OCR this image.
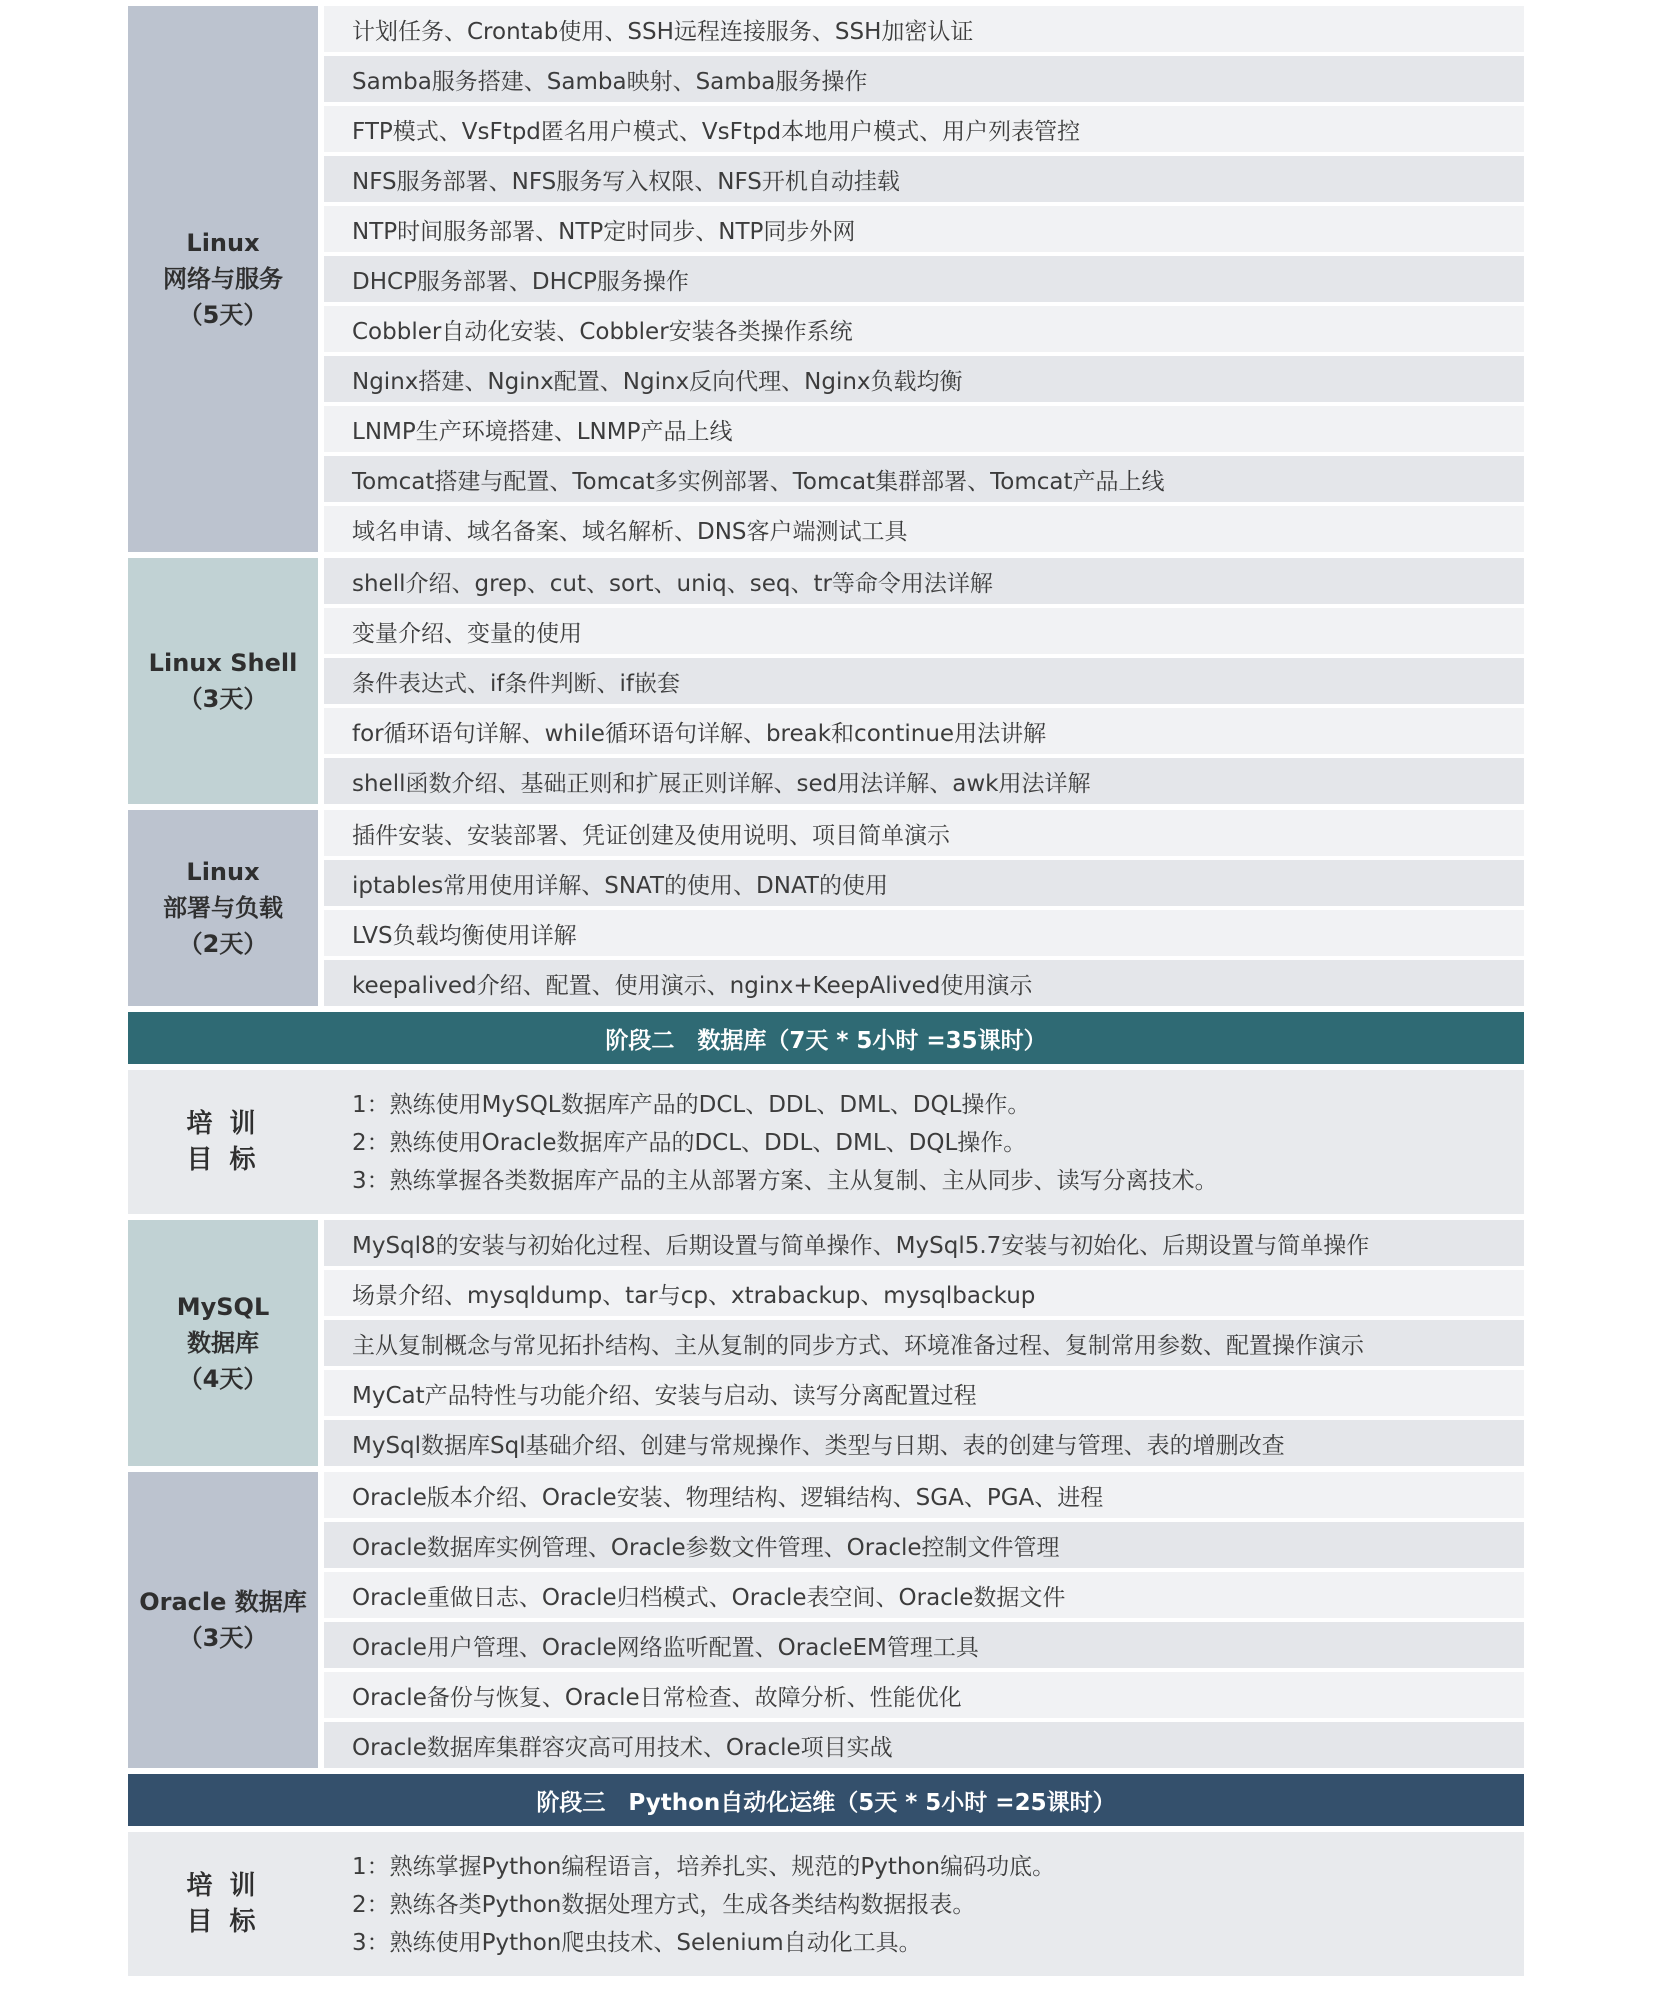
Linux
网络与服务
（5天）
计划任务、Crontab使用、SSH远程连接服务、SSH加密认证
Samba服务搭建、Samba映射、Samba服务操作
FTP模式、VsFtpd匿名用户模式、VsFtpd本地用户模式、用户列表管控
NFS服务部署、NFS服务写入权限、NFS开机自动挂载
NTP时间服务部署、NTP定时同步、NTP同步外网
DHCP服务部署、DHCP服务操作
Cobbler自动化安装、Cobbler安装各类操作系统
Nginx搭建、Nginx配置、Nginx反向代理、Nginx负载均衡
LNMP生产环境搭建、LNMP产品上线
Tomcat搭建与配置、Tomcat多实例部署、Tomcat集群部署、Tomcat产品上线
域名申请、域名备案、域名解析、DNS客户端测试工具
Linux Shell
（3天）
shell介绍、grep、cut、sort、uniq、seq、tr等命令用法详解
变量介绍、变量的使用
条件表达式、if条件判断、if嵌套
for循环语句详解、while循环语句详解、break和continue用法讲解
shell函数介绍、基础正则和扩展正则详解、sed用法详解、awk用法详解
Linux
部署与负载
（2天）
插件安装、安装部署、凭证创建及使用说明、项目简单演示
iptables常用使用详解、SNAT的使用、DNAT的使用
LVS负载均衡使用详解
keepalived介绍、配置、使用演示、nginx+KeepAlived使用演示
阶段二　数据库（7天 * 5小时 =35课时）
培 训
目 标
1：熟练使用MySQL数据库产品的DCL、DDL、DML、DQL操作。
2：熟练使用Oracle数据库产品的DCL、DDL、DML、DQL操作。
3：熟练掌握各类数据库产品的主从部署方案、主从复制、主从同步、读写分离技术。
MySQL
数据库
（4天）
MySql8的安装与初始化过程、后期设置与简单操作、MySql5.7安装与初始化、后期设置与简单操作
场景介绍、mysqldump、tar与cp、xtrabackup、mysqlbackup
主从复制概念与常见拓扑结构、主从复制的同步方式、环境准备过程、复制常用参数、配置操作演示
MyCat产品特性与功能介绍、安装与启动、读写分离配置过程
MySql数据库Sql基础介绍、创建与常规操作、类型与日期、表的创建与管理、表的增删改查
Oracle 数据库
（3天）
Oracle版本介绍、Oracle安装、物理结构、逻辑结构、SGA、PGA、进程
Oracle数据库实例管理、Oracle参数文件管理、Oracle控制文件管理
Oracle重做日志、Oracle归档模式、Oracle表空间、Oracle数据文件
Oracle用户管理、Oracle网络监听配置、OracleEM管理工具
Oracle备份与恢复、Oracle日常检查、故障分析、性能优化
Oracle数据库集群容灾高可用技术、Oracle项目实战
阶段三　Python自动化运维（5天 * 5小时 =25课时）
培 训
目 标
1：熟练掌握Python编程语言，培养扎实、规范的Python编码功底。
2：熟练各类Python数据处理方式，生成各类结构数据报表。
3：熟练使用Python爬虫技术、Selenium自动化工具。
